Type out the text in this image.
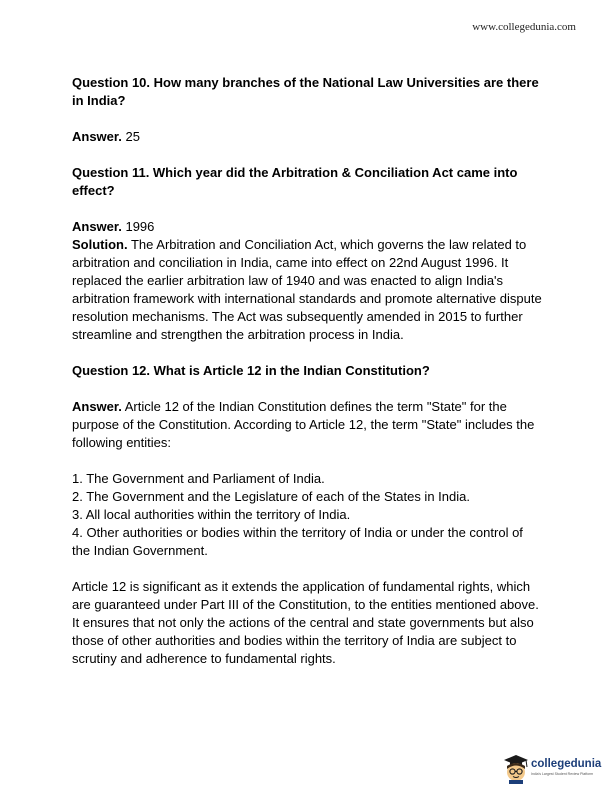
www.collegedunia.com
Question 10. How many branches of the National Law Universities are there in India?
Answer. 25
Question 11. Which year did the Arbitration & Conciliation Act came into effect?
Answer. 1996
Solution. The Arbitration and Conciliation Act, which governs the law related to arbitration and conciliation in India, came into effect on 22nd August 1996. It replaced the earlier arbitration law of 1940 and was enacted to align India's arbitration framework with international standards and promote alternative dispute resolution mechanisms. The Act was subsequently amended in 2015 to further streamline and strengthen the arbitration process in India.
Question 12. What is Article 12 in the Indian Constitution?
Answer. Article 12 of the Indian Constitution defines the term "State" for the purpose of the Constitution. According to Article 12, the term "State" includes the following entities:
1. The Government and Parliament of India.
2. The Government and the Legislature of each of the States in India.
3. All local authorities within the territory of India.
4. Other authorities or bodies within the territory of India or under the control of the Indian Government.
Article 12 is significant as it extends the application of fundamental rights, which are guaranteed under Part III of the Constitution, to the entities mentioned above. It ensures that not only the actions of the central and state governments but also those of other authorities and bodies within the territory of India are subject to scrutiny and adherence to fundamental rights.
collegedunia
India's Largest Student Review Platform
